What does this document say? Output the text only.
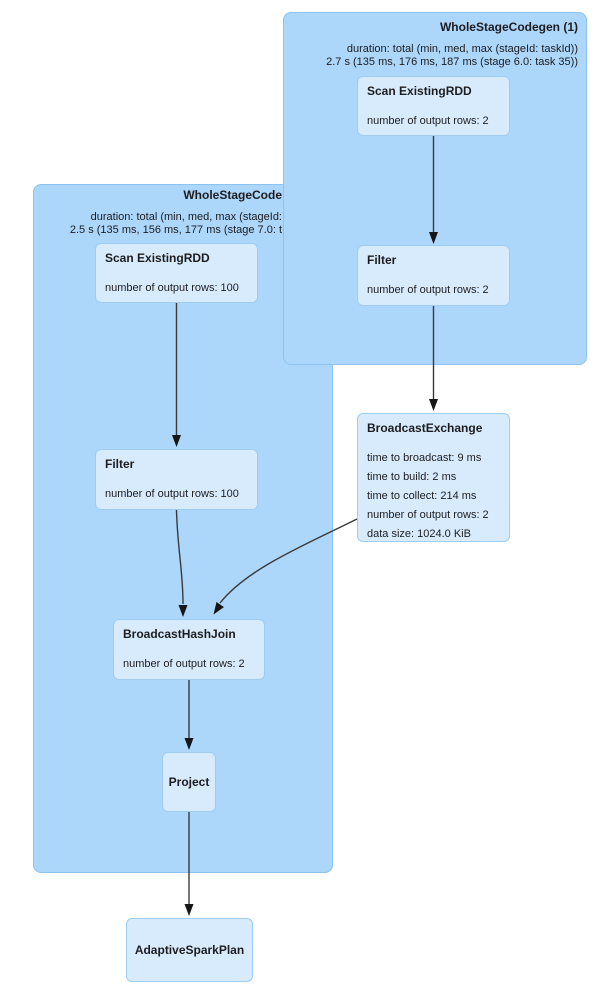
WholeStageCode
duration: total (min, med, max (stageId:
2.5 s (135 ms, 156 ms, 177 ms (stage 7.0: t
WholeStageCodegen (1)
duration: total (min, med, max (stageId: taskId))
2.7 s (135 ms, 176 ms, 187 ms (stage 6.0: task 35))
Scan ExistingRDD
number of output rows: 100
Filter
number of output rows: 100
Scan ExistingRDD
number of output rows: 2
Filter
number of output rows: 2
BroadcastExchange
time to broadcast: 9 ms
time to build: 2 ms
time to collect: 214 ms
number of output rows: 2
data size: 1024.0 KiB
BroadcastHashJoin
number of output rows: 2
Project
AdaptiveSparkPlan
